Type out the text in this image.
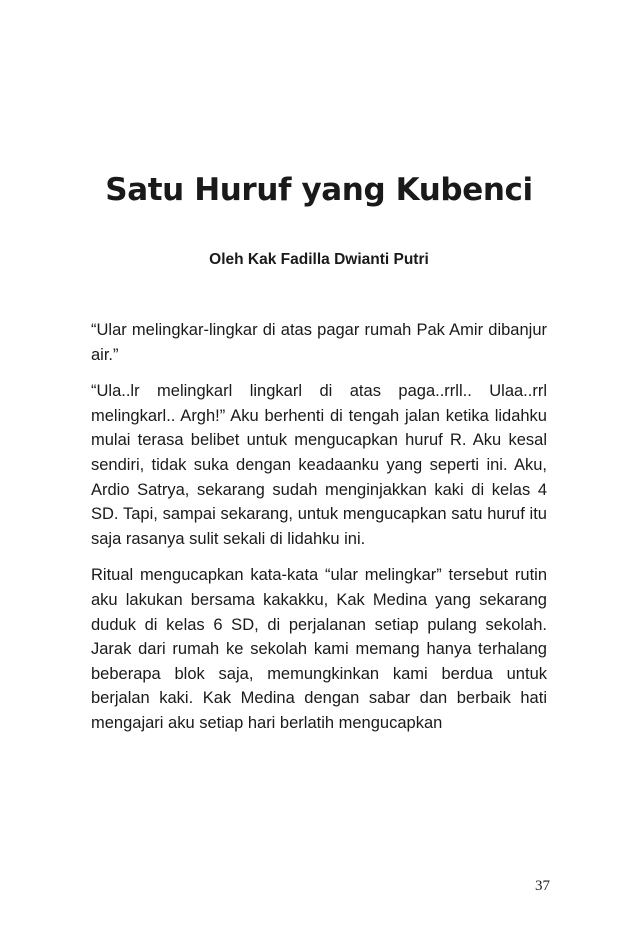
Satu Huruf yang Kubenci

Oleh Kak Fadilla Dwianti Putri

“Ular melingkar-lingkar di atas pagar rumah Pak Amir dibanjur air.”

“Ula..lr melingkarl lingkarl di atas paga..rrll.. Ulaa..rrl melingkarl.. Argh!” Aku berhenti di tengah jalan ketika lidahku mulai terasa belibet untuk mengucapkan huruf R. Aku kesal sendiri, tidak suka dengan keadaanku yang seperti ini. Aku, Ardio Satrya, sekarang sudah menginjakkan kaki di kelas 4 SD. Tapi, sampai sekarang, untuk mengucapkan satu huruf itu saja rasanya sulit sekali di lidahku ini.

Ritual mengucapkan kata-kata “ular melingkar” tersebut rutin aku lakukan bersama kakakku, Kak Medina yang sekarang duduk di kelas 6 SD, di perjalanan setiap pulang sekolah. Jarak dari rumah ke sekolah kami memang hanya terhalang beberapa blok saja, memungkinkan kami berdua untuk berjalan kaki. Kak Medina dengan sabar dan berbaik hati mengajari aku setiap hari berlatih mengucapkan

37
